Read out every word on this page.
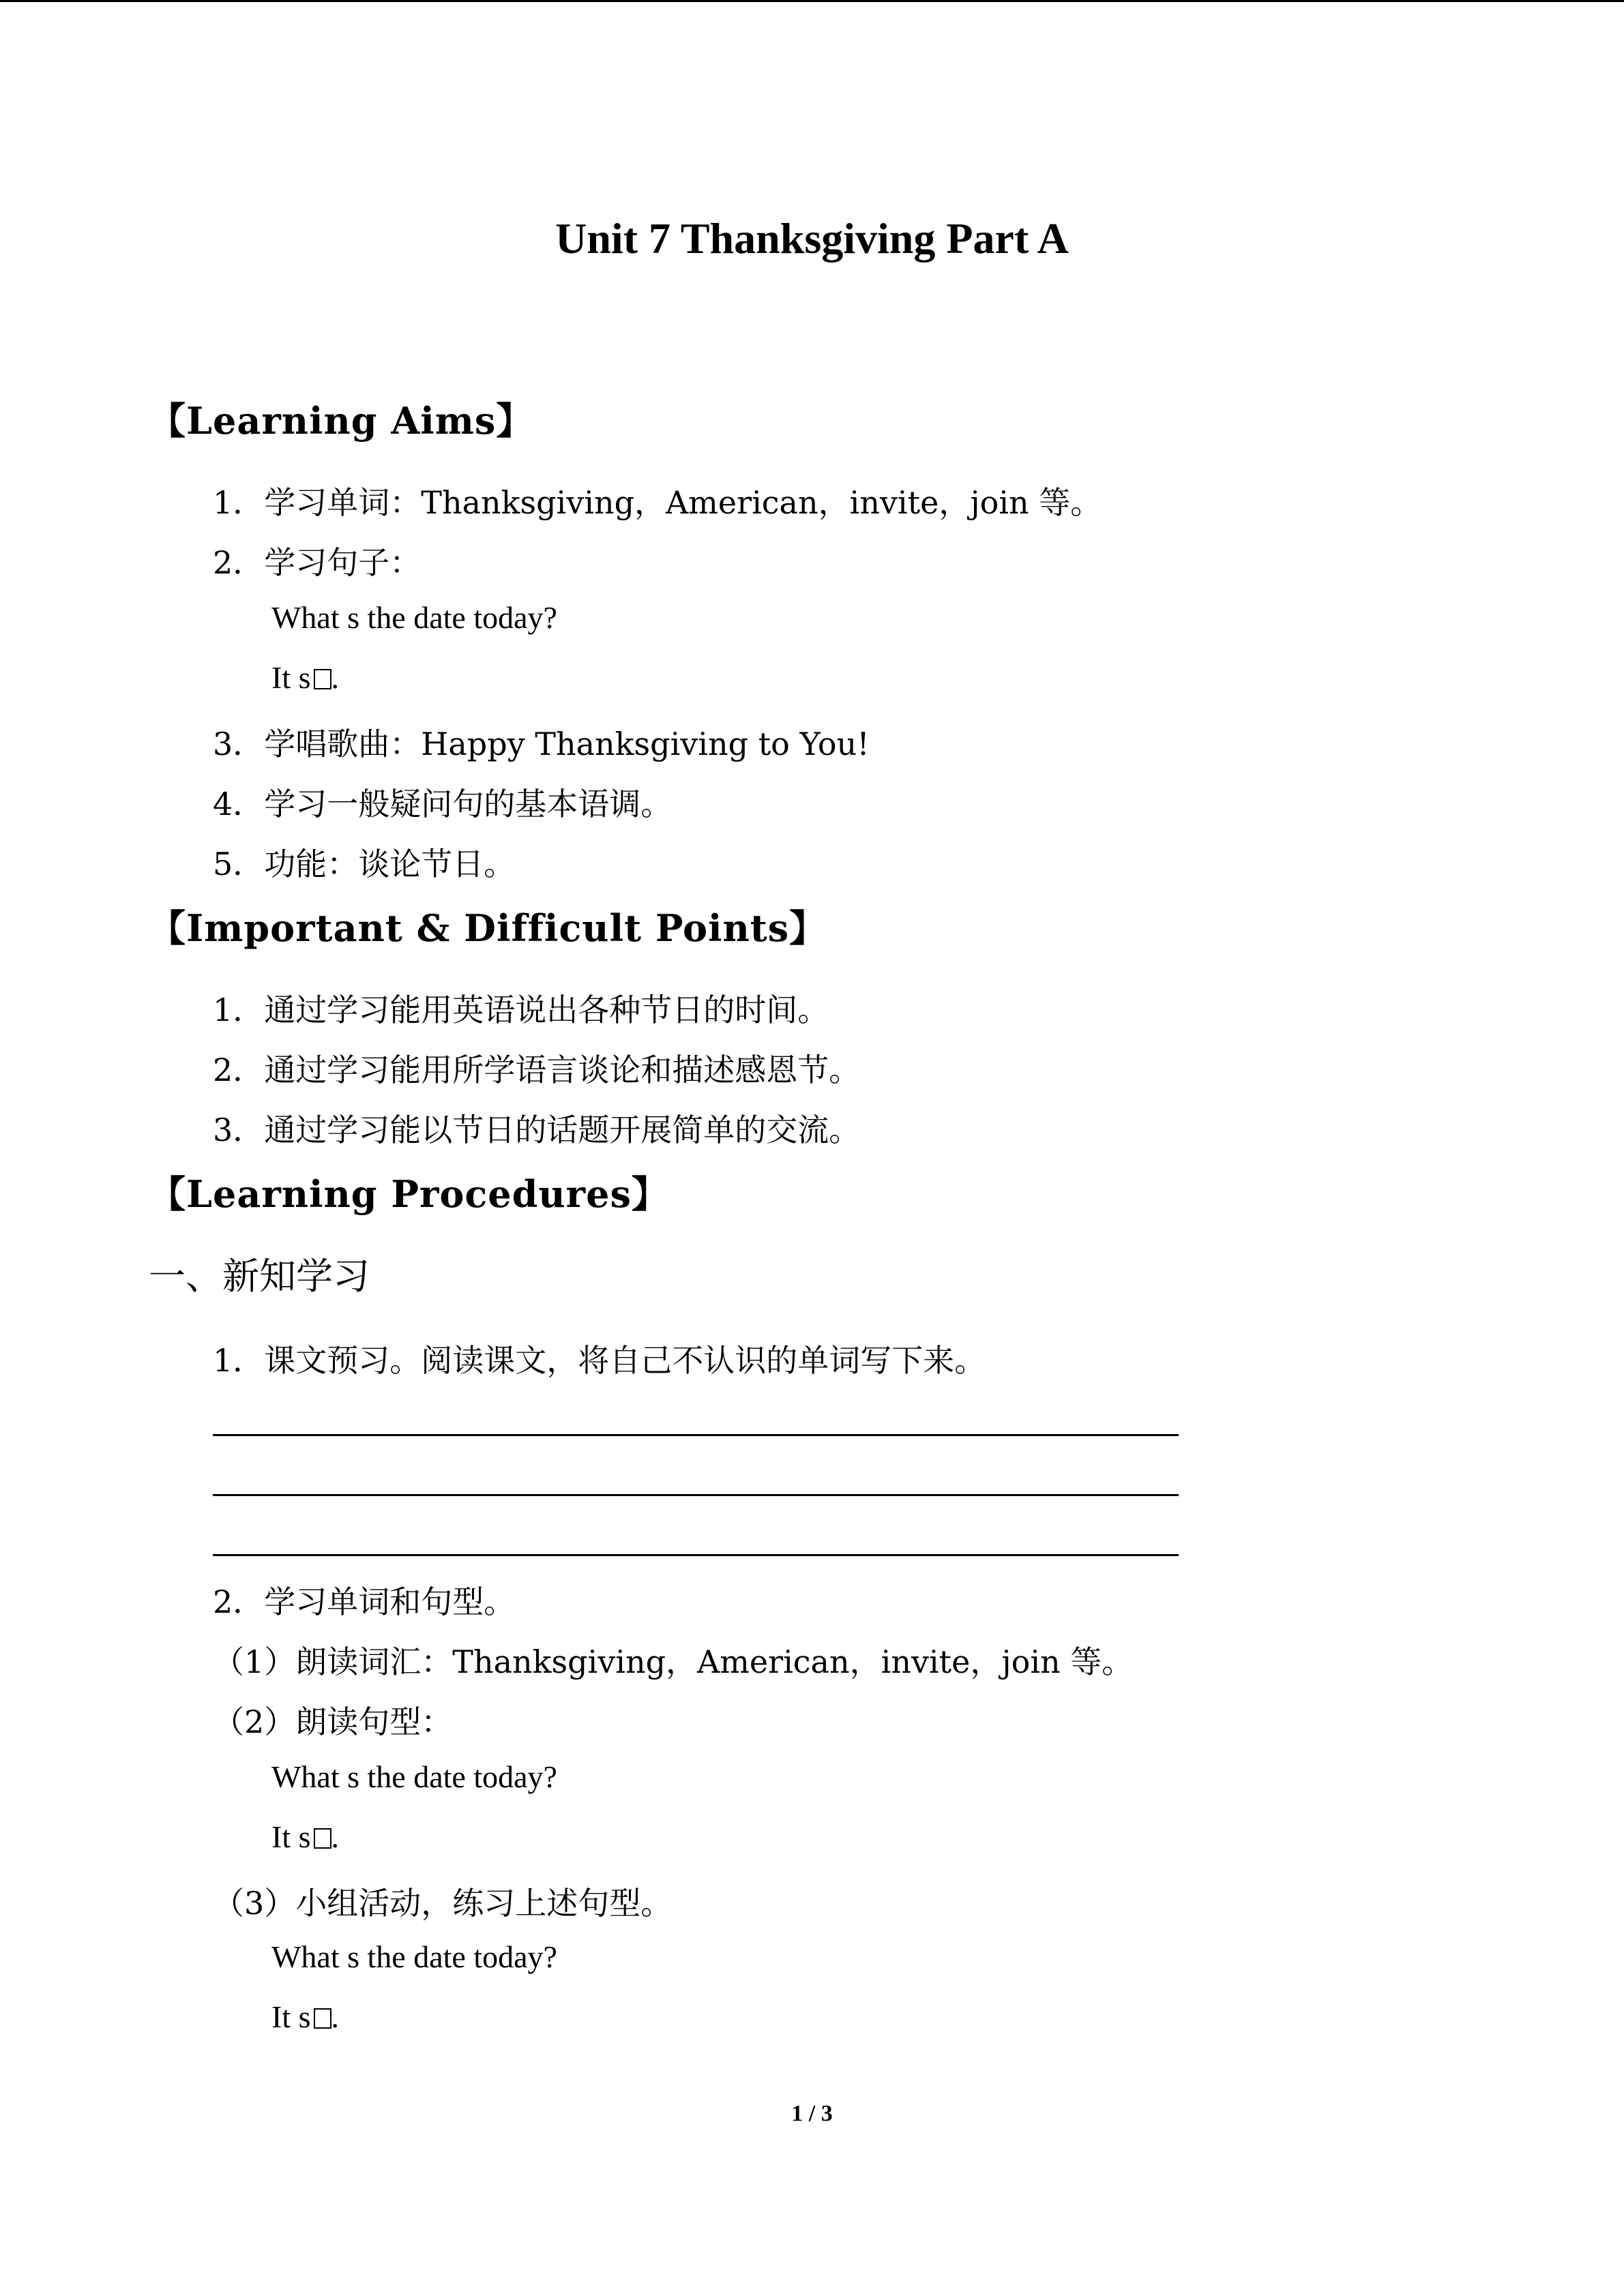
Unit 7 Thanksgiving Part A
【Learning Aims】
1．学习单词：Thanksgiving，American，invite，join 等。
2．学习句子：
What s the date today?
It s .
3．学唱歌曲：Happy Thanksgiving to You!
4．学习一般疑问句的基本语调。
5．功能：谈论节日。
【Important & Difficult Points】
1．通过学习能用英语说出各种节日的时间。
2．通过学习能用所学语言谈论和描述感恩节。
3．通过学习能以节日的话题开展简单的交流。
【Learning Procedures】
一、新知学习
1．课文预习。阅读课文，将自己不认识的单词写下来。
2．学习单词和句型。
（1）朗读词汇：Thanksgiving，American，invite，join 等。
（2）朗读句型：
What s the date today?
It s .
（3）小组活动，练习上述句型。
What s the date today?
It s .
1 / 3
